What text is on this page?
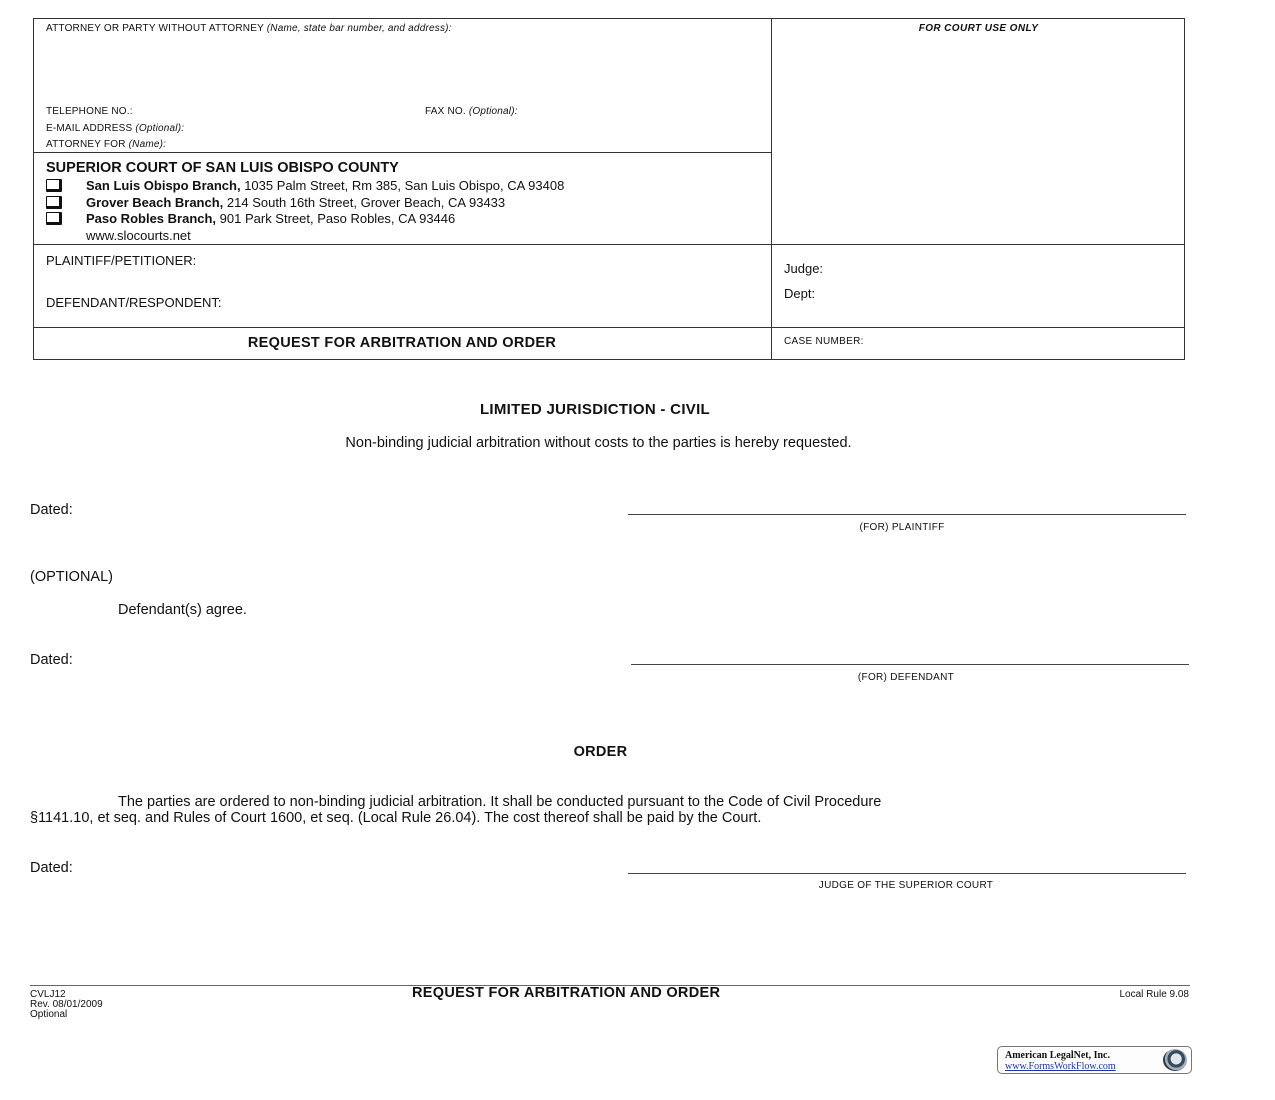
ATTORNEY OR PARTY WITHOUT ATTORNEY (Name, state bar number, and address):
TELEPHONE NO.:	FAX NO. (Optional):
E-MAIL ADDRESS (Optional):
ATTORNEY FOR (Name):
FOR COURT USE ONLY
SUPERIOR COURT OF SAN LUIS OBISPO COUNTY
San Luis Obispo Branch, 1035 Palm Street, Rm 385, San Luis Obispo, CA 93408
Grover Beach Branch, 214 South 16th Street, Grover Beach, CA 93433
Paso Robles Branch, 901 Park Street, Paso Robles, CA 93446
www.slocourts.net
PLAINTIFF/PETITIONER:
DEFENDANT/RESPONDENT:
Judge:
Dept:
REQUEST FOR ARBITRATION AND ORDER	CASE NUMBER:
LIMITED JURISDICTION - CIVIL
Non-binding judicial arbitration without costs to the parties is hereby requested.
Dated:
(FOR) PLAINTIFF
(OPTIONAL)
Defendant(s) agree.
Dated:
(FOR) DEFENDANT
ORDER
The parties are ordered to non-binding judicial arbitration. It shall be conducted pursuant to the Code of Civil Procedure
§1141.10, et seq. and Rules of Court 1600, et seq. (Local Rule 26.04). The cost thereof shall be paid by the Court.
Dated:
JUDGE OF THE SUPERIOR COURT
CVLJ12
Rev. 08/01/2009
Optional
REQUEST FOR ARBITRATION AND ORDER	Local Rule 9.08
American LegalNet, Inc.
www.FormsWorkFlow.com
